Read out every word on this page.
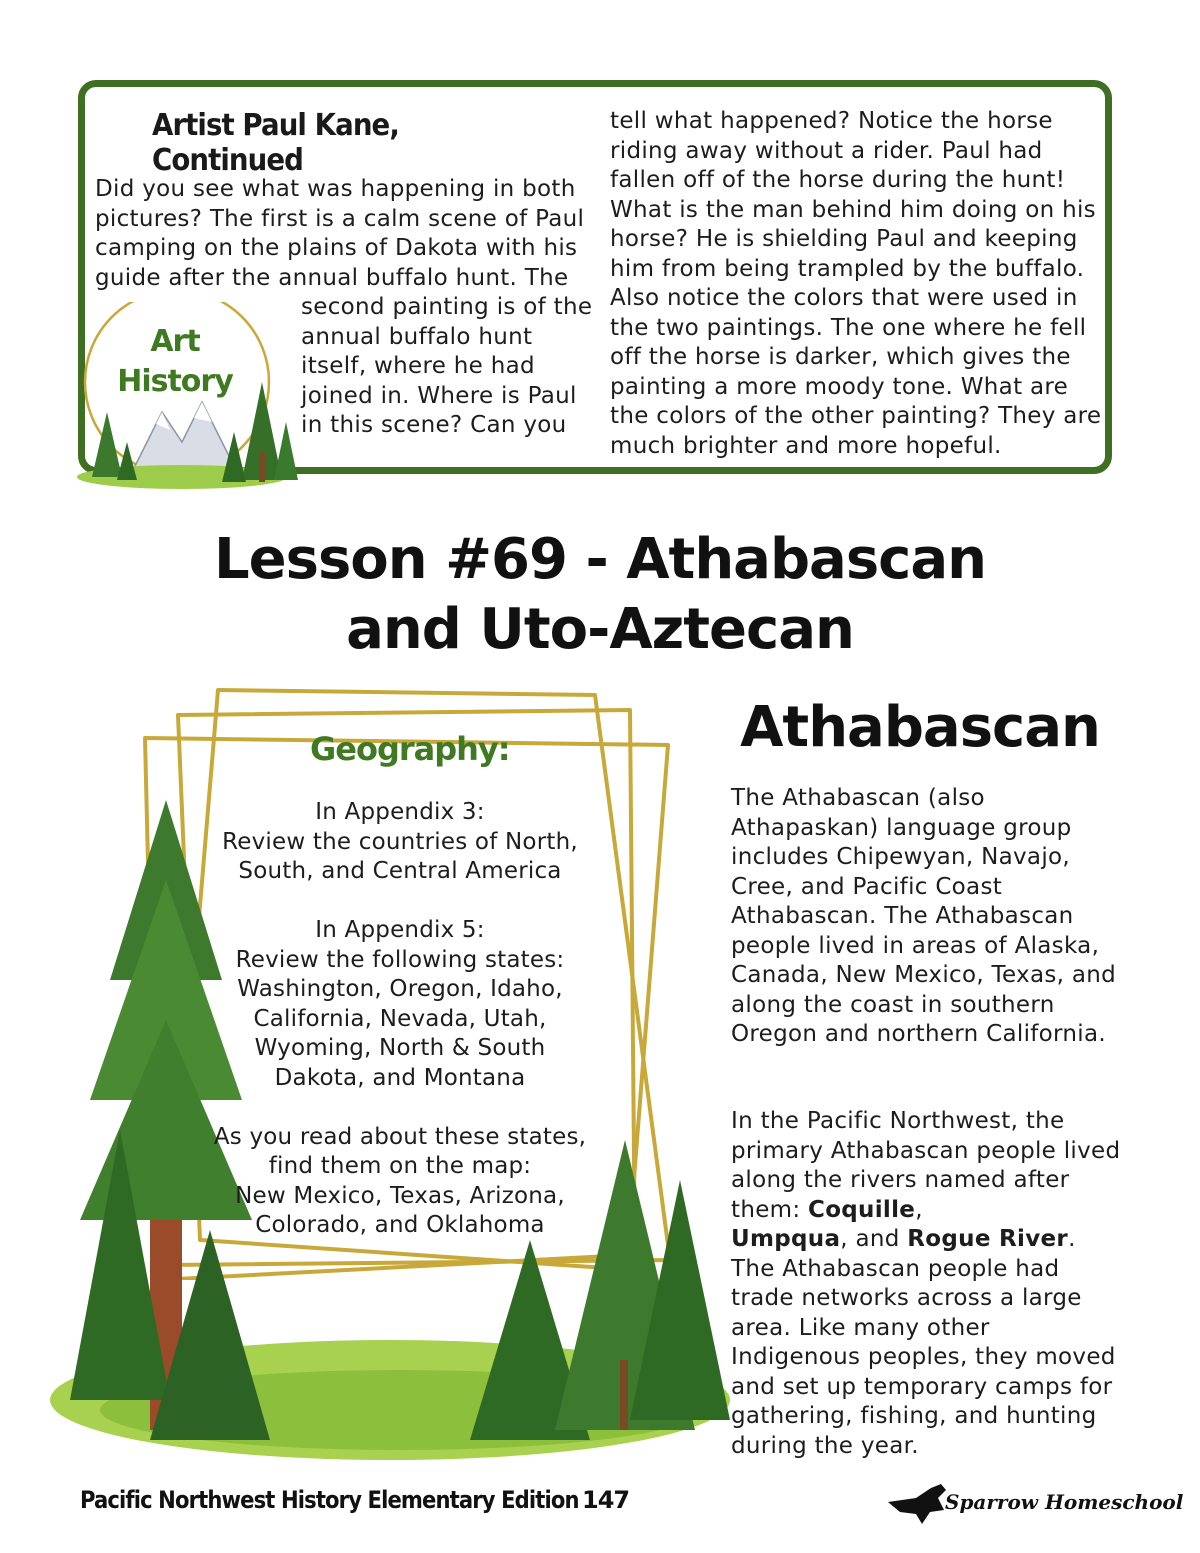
Artist Paul Kane, Continued

Did you see what was happening in both pictures? The first is a calm scene of Paul camping on the plains of Dakota with his guide after the annual buffalo hunt. The

second painting is of the annual buffalo hunt itself, where he had joined in. Where is Paul in this scene? Can you

tell what happened? Notice the horse riding away without a rider. Paul had fallen off of the horse during the hunt! What is the man behind him doing on his horse? He is shielding Paul and keeping him from being trampled by the buffalo. Also notice the colors that were used in the two paintings. The one where he fell off the horse is darker, which gives the painting a more moody tone. What are the colors of the other painting? They are much brighter and more hopeful.

Art History
Lesson #69 - Athabascan
and Uto-Aztecan
Geography:

In Appendix 3:
Review the countries of North,
South, and Central America

In Appendix 5:
Review the following states:
Washington, Oregon, Idaho,
California, Nevada, Utah,
Wyoming, North & South
Dakota, and Montana

As you read about these states,
find them on the map:
New Mexico, Texas, Arizona,
Colorado, and Oklahoma

Athabascan

The Athabascan (also Athapaskan) language group includes Chipewyan, Navajo, Cree, and Pacific Coast Athabascan. The Athabascan people lived in areas of Alaska, Canada, New Mexico, Texas, and along the coast in southern Oregon and northern California.

In the Pacific Northwest, the primary Athabascan people lived along the rivers named after them: Coquille,
Umpqua, and Rogue River. The Athabascan people had trade networks across a large area. Like many other Indigenous peoples, they moved and set up temporary camps for gathering, fishing, and hunting during the year.

Pacific Northwest History Elementary Edition 147	Sparrow Homeschool
